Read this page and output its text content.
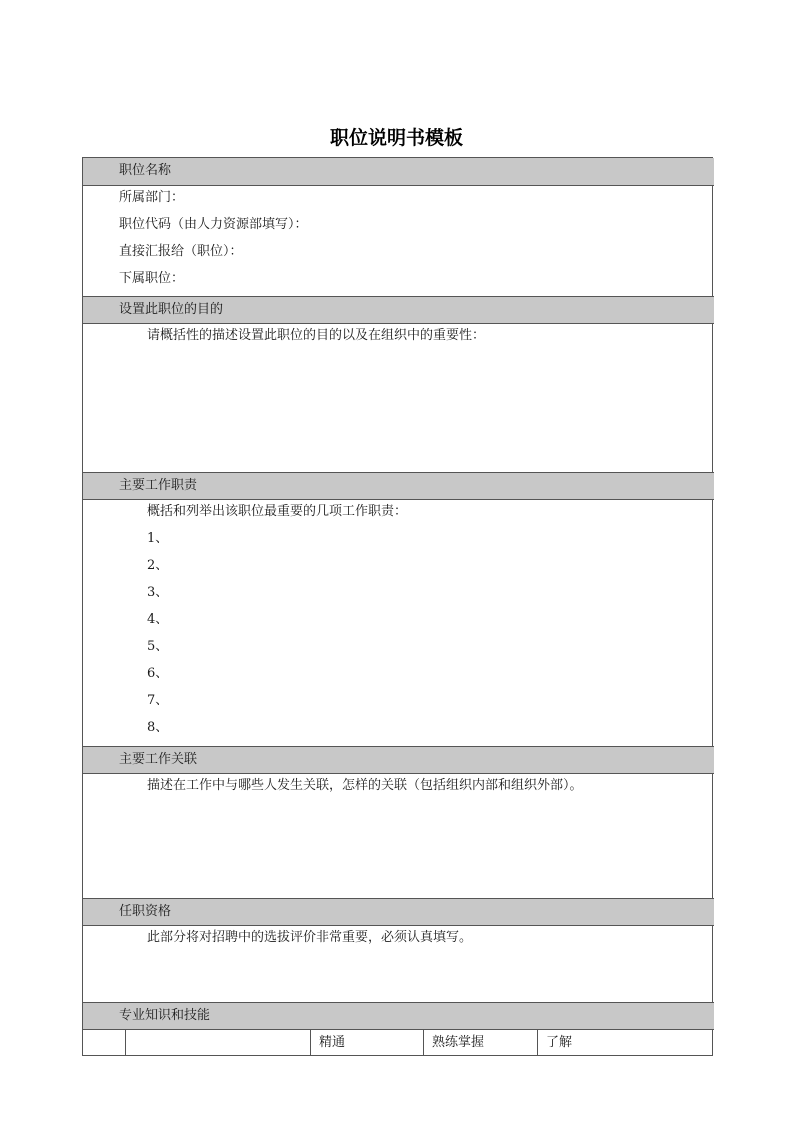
职位说明书模板
职位名称
所属部门：
职位代码（由人力资源部填写）：
直接汇报给（职位）：
下属职位：
设置此职位的目的
请概括性的描述设置此职位的目的以及在组织中的重要性：
主要工作职责
概括和列举出该职位最重要的几项工作职责：
1、
2、
3、
4、
5、
6、
7、
8、
主要工作关联
描述在工作中与哪些人发生关联，怎样的关联（包括组织内部和组织外部）。
任职资格
此部分将对招聘中的选拔评价非常重要，必须认真填写。
专业知识和技能
精通	熟练掌握	了解
